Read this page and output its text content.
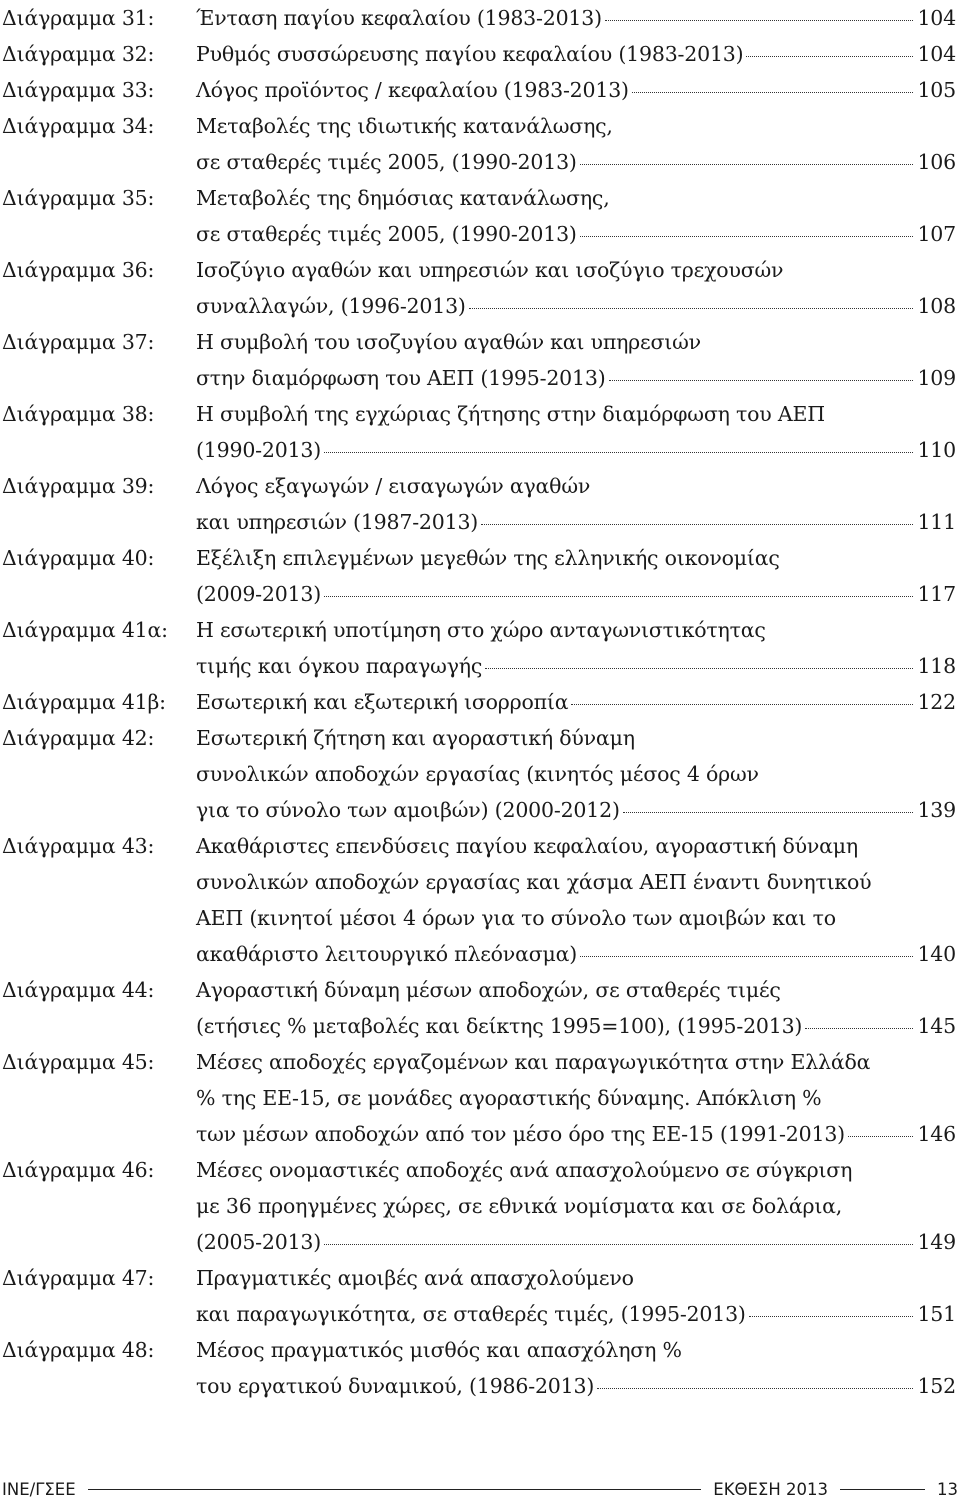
Διάγραμμα 31:	Ένταση παγίου κεφαλαίου (1983-2013)	104
Διάγραμμα 32:	Ρυθμός συσσώρευσης παγίου κεφαλαίου (1983-2013)	104
Διάγραμμα 33:	Λόγος προϊόντος / κεφαλαίου (1983-2013)	105
Διάγραμμα 34:	Μεταβολές της ιδιωτικής κατανάλωσης,
σε σταθερές τιμές 2005, (1990-2013)	106
Διάγραμμα 35:	Μεταβολές της δημόσιας κατανάλωσης,
σε σταθερές τιμές 2005, (1990-2013)	107
Διάγραμμα 36:	Ισοζύγιο αγαθών και υπηρεσιών και ισοζύγιο τρεχουσών
συναλλαγών, (1996-2013)	108
Διάγραμμα 37:	Η συμβολή του ισοζυγίου αγαθών και υπηρεσιών
στην διαμόρφωση του ΑΕΠ (1995-2013)	109
Διάγραμμα 38:	Η συμβολή της εγχώριας ζήτησης στην διαμόρφωση του ΑΕΠ
(1990-2013)	110
Διάγραμμα 39:	Λόγος εξαγωγών / εισαγωγών αγαθών
και υπηρεσιών (1987-2013)	111
Διάγραμμα 40:	Εξέλιξη επιλεγμένων μεγεθών της ελληνικής οικονομίας
(2009-2013)	117
Διάγραμμα 41α:	Η εσωτερική υποτίμηση στο χώρο ανταγωνιστικότητας
τιμής και όγκου παραγωγής	118
Διάγραμμα 41β:	Εσωτερική και εξωτερική ισορροπία	122
Διάγραμμα 42:	Εσωτερική ζήτηση και αγοραστική δύναμη
συνολικών αποδοχών εργασίας (κινητός μέσος 4 όρων
για το σύνολο των αμοιβών) (2000-2012)	139
Διάγραμμα 43:	Ακαθάριστες επενδύσεις παγίου κεφαλαίου, αγοραστική δύναμη
συνολικών αποδοχών εργασίας και χάσμα ΑΕΠ έναντι δυνητικού
ΑΕΠ (κινητοί μέσοι 4 όρων για το σύνολο των αμοιβών και το
ακαθάριστο λειτουργικό πλεόνασμα)	140
Διάγραμμα 44:	Αγοραστική δύναμη μέσων αποδοχών, σε σταθερές τιμές
(ετήσιες % μεταβολές και δείκτης 1995=100), (1995-2013)	145
Διάγραμμα 45:	Μέσες αποδοχές εργαζομένων και παραγωγικότητα στην Ελλάδα
% της ΕΕ-15, σε μονάδες αγοραστικής δύναμης. Απόκλιση %
των μέσων αποδοχών από τον μέσο όρο της ΕΕ-15 (1991-2013)	146
Διάγραμμα 46:	Μέσες ονομαστικές αποδοχές ανά απασχολούμενο σε σύγκριση
με 36 προηγμένες χώρες, σε εθνικά νομίσματα και σε δολάρια,
(2005-2013)	149
Διάγραμμα 47:	Πραγματικές αμοιβές ανά απασχολούμενο
και παραγωγικότητα, σε σταθερές τιμές, (1995-2013)	151
Διάγραμμα 48:	Μέσος πραγματικός μισθός και απασχόληση %
του εργατικού δυναμικού, (1986-2013)	152
ΙΝΕ/ΓΣΕΕ	ΕΚΘΕΣΗ 2013	13
